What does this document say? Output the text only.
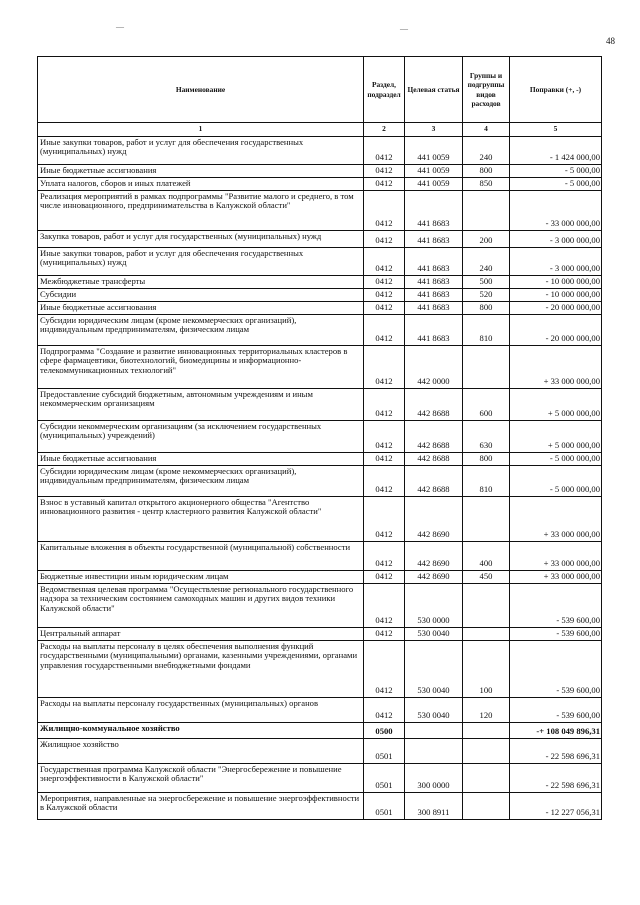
48
—	—
Наименование	Раздел, подраздел	Целевая статья	Группы и подгруппы видов расходов	Поправки (+, -)
1	2	3	4	5
Иные закупки товаров, работ и услуг для обеспечения государственных (муниципальных) нужд	0412	441 0059	240	- 1 424 000,00
Иные бюджетные ассигнования	0412	441 0059	800	- 5 000,00
Уплата налогов, сборов и иных платежей	0412	441 0059	850	- 5 000,00
Реализация мероприятий в рамках подпрограммы "Развитие малого и среднего, в том числе инновационного, предпринимательства в Калужской области"	0412	441 8683		- 33 000 000,00
Закупка товаров, работ и услуг для государственных (муниципальных) нужд	0412	441 8683	200	- 3 000 000,00
Иные закупки товаров, работ и услуг для обеспечения государственных (муниципальных) нужд	0412	441 8683	240	- 3 000 000,00
Межбюджетные трансферты	0412	441 8683	500	- 10 000 000,00
Субсидии	0412	441 8683	520	- 10 000 000,00
Иные бюджетные ассигнования	0412	441 8683	800	- 20 000 000,00
Субсидии юридическим лицам (кроме некоммерческих организаций), индивидуальным предпринимателям, физическим лицам	0412	441 8683	810	- 20 000 000,00
Подпрограмма "Создание и развитие инновационных территориальных кластеров в сфере фармацевтики, биотехнологий, биомедицины и информационно-телекоммуникационных технологий"	0412	442 0000		+ 33 000 000,00
Предоставление субсидий бюджетным, автономным учреждениям и иным некоммерческим организациям	0412	442 8688	600	+ 5 000 000,00
Субсидии некоммерческим организациям (за исключением государственных (муниципальных) учреждений)	0412	442 8688	630	+ 5 000 000,00
Иные бюджетные ассигнования	0412	442 8688	800	- 5 000 000,00
Субсидии юридическим лицам (кроме некоммерческих организаций), индивидуальным предпринимателям, физическим лицам	0412	442 8688	810	- 5 000 000,00
Взнос в уставный капитал открытого акционерного общества "Агентство инновационного развития - центр кластерного развития Калужской области"	0412	442 8690		+ 33 000 000,00
Капитальные вложения в объекты государственной (муниципальной) собственности	0412	442 8690	400	+ 33 000 000,00
Бюджетные инвестиции иным юридическим лицам	0412	442 8690	450	+ 33 000 000,00
Ведомственная целевая программа "Осуществление регионального государственного надзора за техническим состоянием самоходных машин и других видов техники Калужской области"	0412	530 0000		- 539 600,00
Центральный аппарат	0412	530 0040		- 539 600,00
Расходы на выплаты персоналу в целях обеспечения выполнения функций государственными (муниципальными) органами, казенными учреждениями, органами управления государственными внебюджетными фондами	0412	530 0040	100	- 539 600,00
Расходы на выплаты персоналу государственных (муниципальных) органов	0412	530 0040	120	- 539 600,00
Жилищно-коммунальное хозяйство	0500			-+ 108 049 896,31
Жилищное хозяйство	0501			- 22 598 696,31
Государственная программа Калужской области "Энергосбережение и повышение энергоэффективности в Калужской области"	0501	300 0000		- 22 598 696,31
Мероприятия, направленные на энергосбережение и повышение энергоэффективности в Калужской области	0501	300 8911		- 12 227 056,31
